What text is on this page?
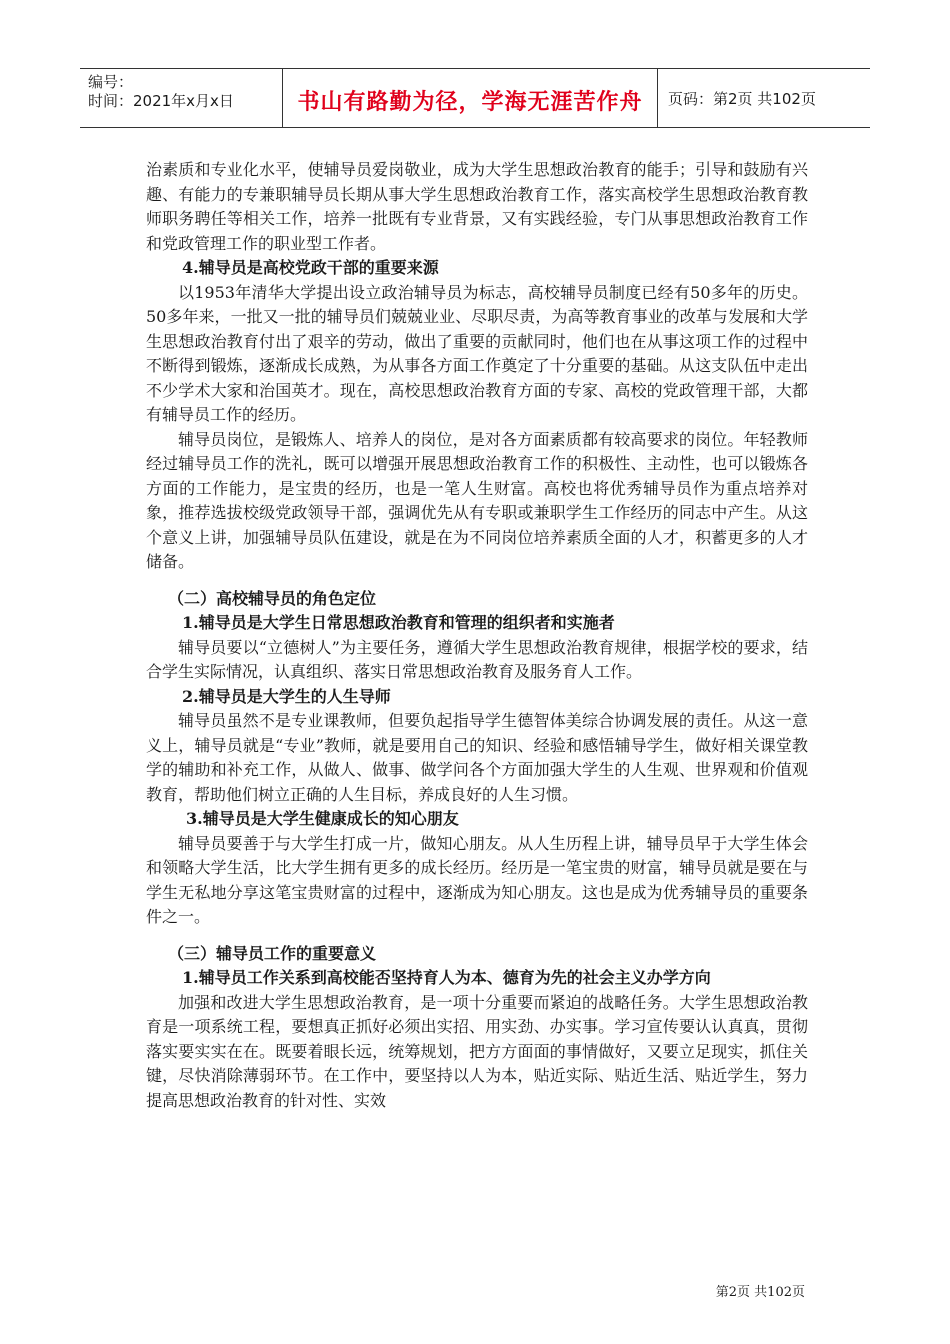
编号：
时间：2021年x月x日	书山有路勤为径，学海无涯苦作舟 页码：第2页 共102页

治素质和专业化水平，使辅导员爱岗敬业，成为大学生思想政治教育的能手；引导和鼓励有兴趣、有能力的专兼职辅导员长期从事大学生思想政治教育工作，落实高校学生思想政治教育教师职务聘任等相关工作，培养一批既有专业背景，又有实践经验，专门从事思想政治教育工作和党政管理工作的职业型工作者。

4.辅导员是高校党政干部的重要来源

以1953年清华大学提出设立政治辅导员为标志，高校辅导员制度已经有50多年的历史。50多年来，一批又一批的辅导员们兢兢业业、尽职尽责，为高等教育事业的改革与发展和大学生思想政治教育付出了艰辛的劳动，做出了重要的贡献同时，他们也在从事这项工作的过程中不断得到锻炼，逐渐成长成熟，为从事各方面工作奠定了十分重要的基础。从这支队伍中走出不少学术大家和治国英才。现在，高校思想政治教育方面的专家、高校的党政管理干部，大都有辅导员工作的经历。

辅导员岗位，是锻炼人、培养人的岗位，是对各方面素质都有较高要求的岗位。年轻教师经过辅导员工作的洗礼，既可以增强开展思想政治教育工作的积极性、主动性，也可以锻炼各方面的工作能力，是宝贵的经历，也是一笔人生财富。高校也将优秀辅导员作为重点培养对象，推荐选拔校级党政领导干部，强调优先从有专职或兼职学生工作经历的同志中产生。从这个意义上讲，加强辅导员队伍建设，就是在为不同岗位培养素质全面的人才，积蓄更多的人才储备。

（二）高校辅导员的角色定位

1.辅导员是大学生日常思想政治教育和管理的组织者和实施者

辅导员要以“立德树人”为主要任务，遵循大学生思想政治教育规律，根据学校的要求，结合学生实际情况，认真组织、落实日常思想政治教育及服务育人工作。

2.辅导员是大学生的人生导师

辅导员虽然不是专业课教师，但要负起指导学生德智体美综合协调发展的责任。从这一意义上，辅导员就是“专业”教师，就是要用自己的知识、经验和感悟辅导学生，做好相关课堂教学的辅助和补充工作，从做人、做事、做学问各个方面加强大学生的人生观、世界观和价值观教育，帮助他们树立正确的人生目标，养成良好的人生习惯。

3.辅导员是大学生健康成长的知心朋友

辅导员要善于与大学生打成一片，做知心朋友。从人生历程上讲，辅导员早于大学生体会和领略大学生活，比大学生拥有更多的成长经历。经历是一笔宝贵的财富，辅导员就是要在与学生无私地分享这笔宝贵财富的过程中，逐渐成为知心朋友。这也是成为优秀辅导员的重要条件之一。

（三）辅导员工作的重要意义

1.辅导员工作关系到高校能否坚持育人为本、德育为先的社会主义办学方向

加强和改进大学生思想政治教育，是一项十分重要而紧迫的战略任务。大学生思想政治教育是一项系统工程，要想真正抓好必须出实招、用实劲、办实事。学习宣传要认认真真，贯彻落实要实实在在。既要着眼长远，统筹规划，把方方面面的事情做好，又要立足现实，抓住关键，尽快消除薄弱环节。在工作中，要坚持以人为本，贴近实际、贴近生活、贴近学生，努力提高思想政治教育的针对性、实效

第2页 共102页
